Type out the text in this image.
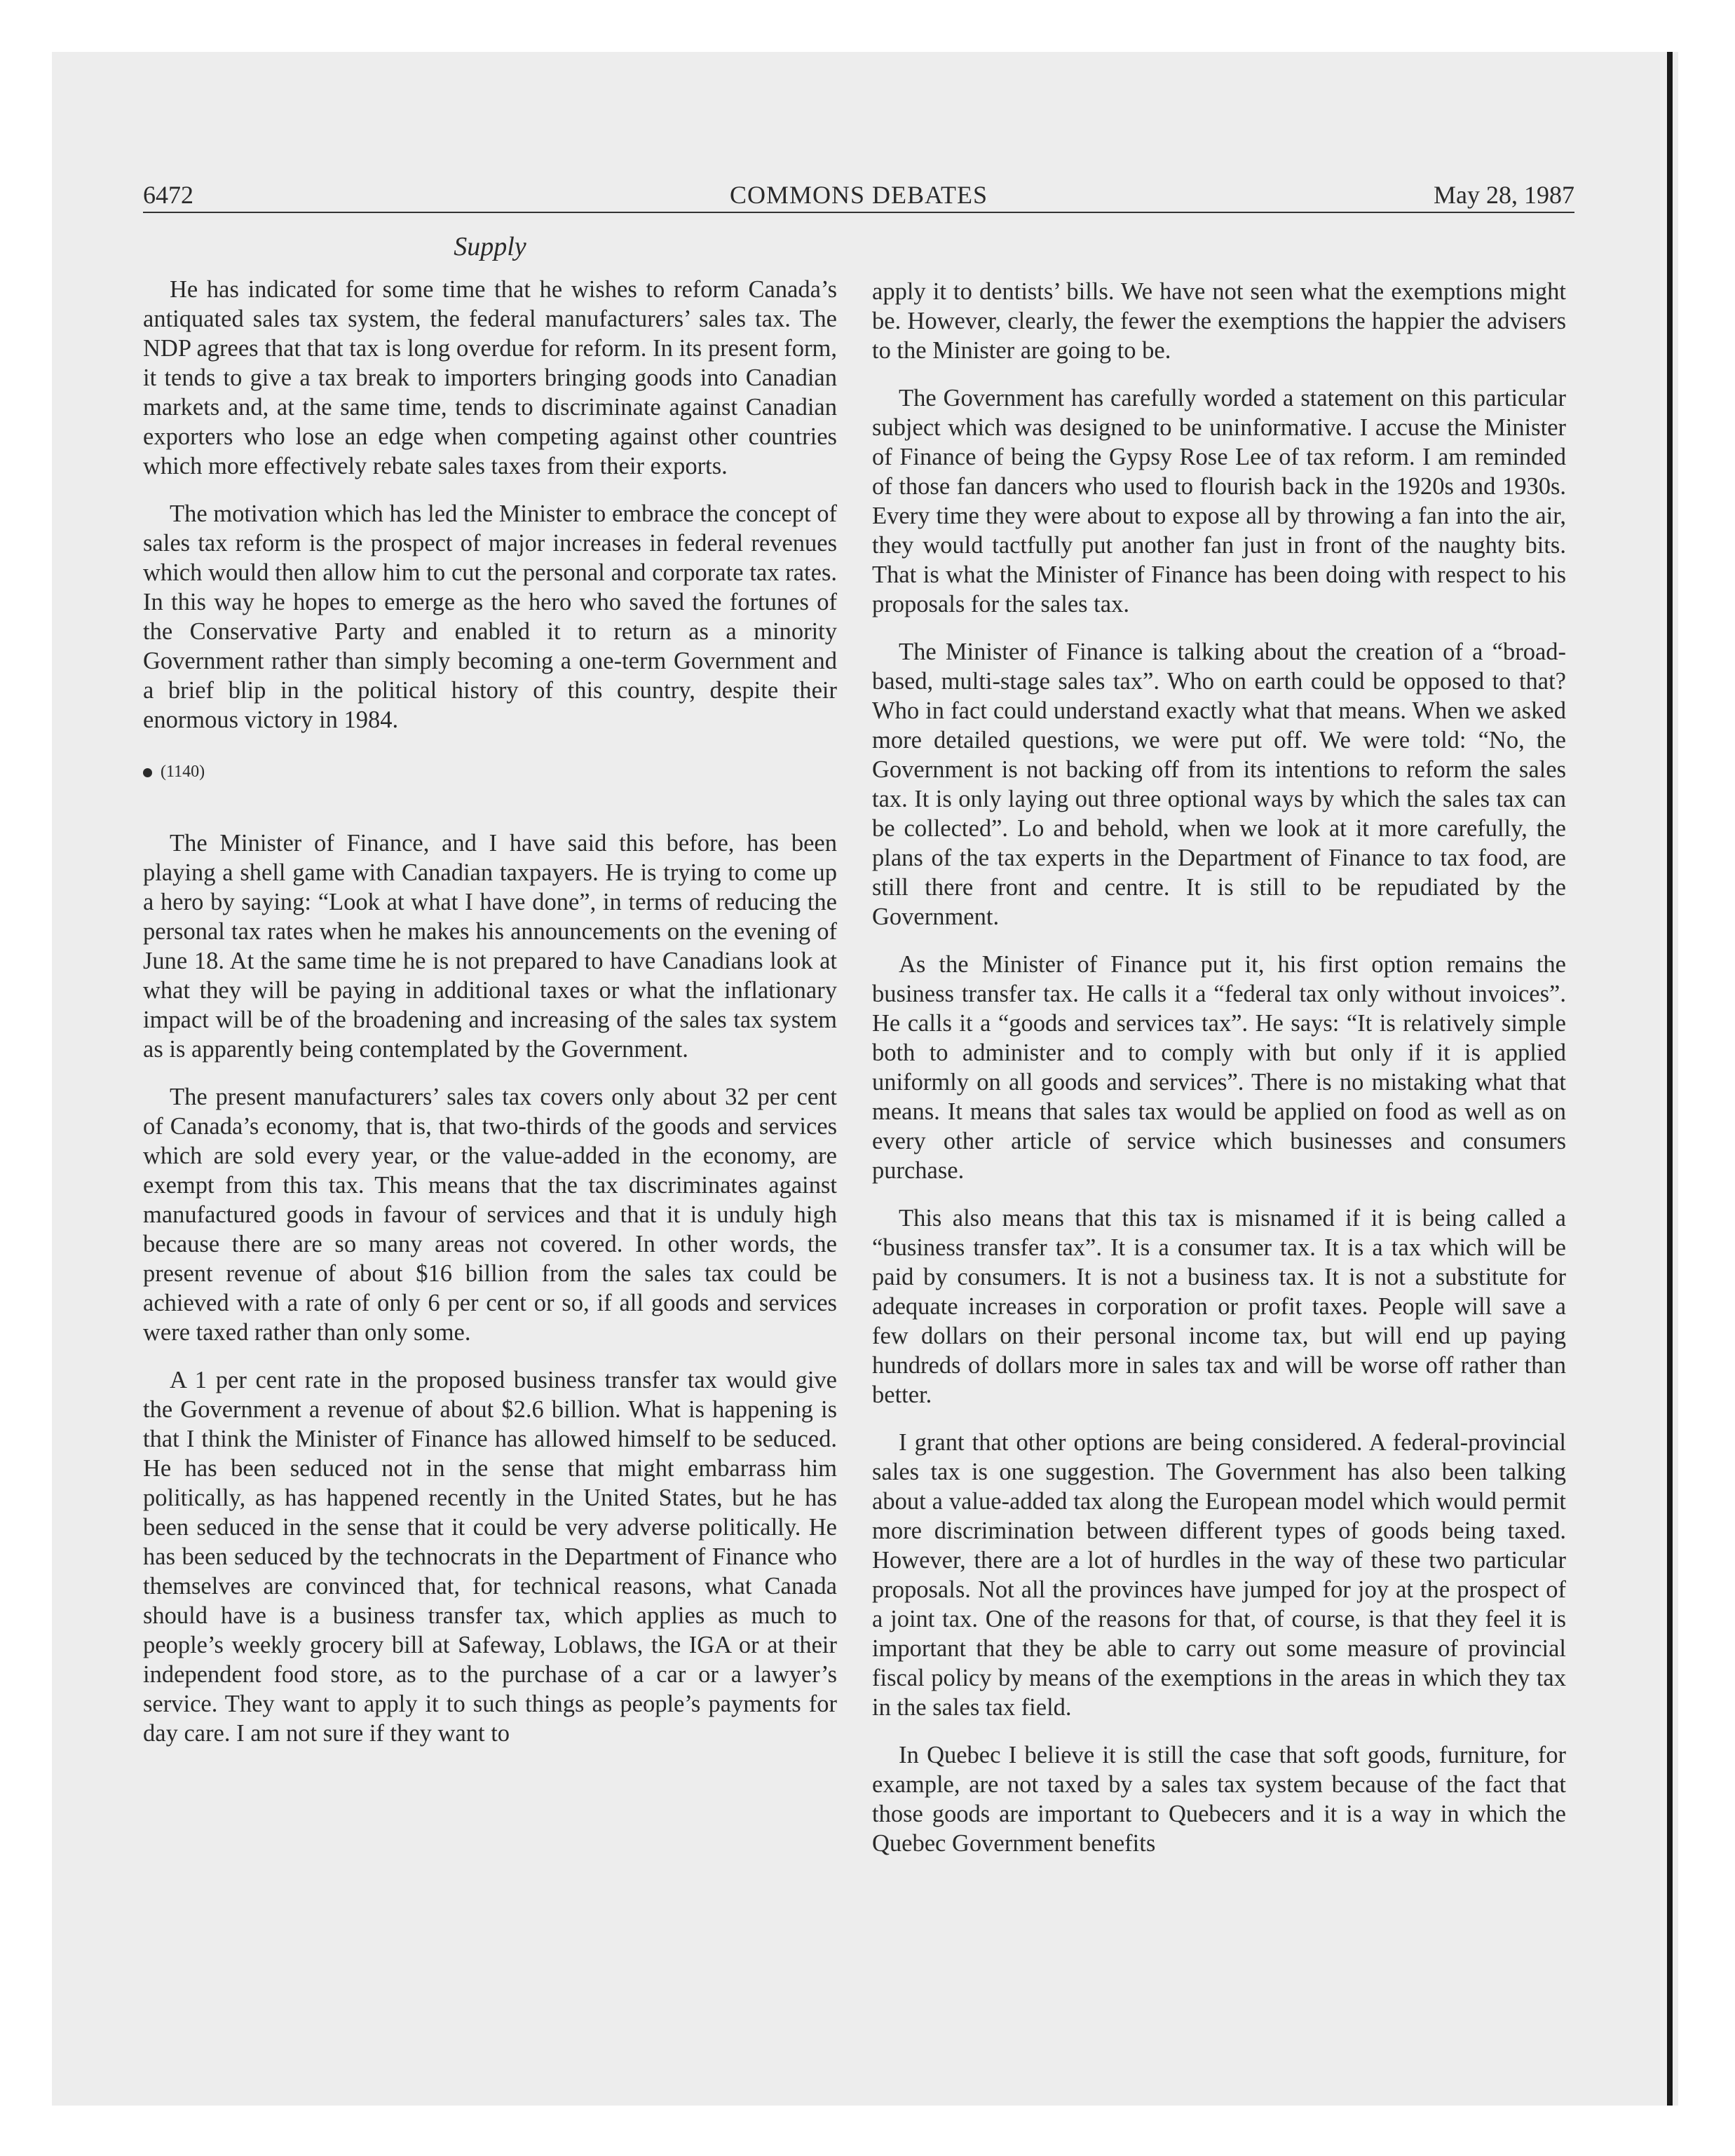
6472	COMMONS DEBATES	May 28, 1987
Supply

He has indicated for some time that he wishes to reform Canada’s antiquated sales tax system, the federal manufacturers’ sales tax. The NDP agrees that that tax is long overdue for reform. In its present form, it tends to give a tax break to importers bringing goods into Canadian markets and, at the same time, tends to discriminate against Canadian exporters who lose an edge when competing against other countries which more effectively rebate sales taxes from their exports.

The motivation which has led the Minister to embrace the concept of sales tax reform is the prospect of major increases in federal revenues which would then allow him to cut the personal and corporate tax rates. In this way he hopes to emerge as the hero who saved the fortunes of the Conservative Party and enabled it to return as a minority Government rather than simply becoming a one-term Government and a brief blip in the political history of this country, despite their enormous victory in 1984.

(1140)

The Minister of Finance, and I have said this before, has been playing a shell game with Canadian taxpayers. He is trying to come up a hero by saying: “Look at what I have done”, in terms of reducing the personal tax rates when he makes his announcements on the evening of June 18. At the same time he is not prepared to have Canadians look at what they will be paying in additional taxes or what the inflationary impact will be of the broadening and increasing of the sales tax system as is apparently being contemplated by the Government.

The present manufacturers’ sales tax covers only about 32 per cent of Canada’s economy, that is, that two-thirds of the goods and services which are sold every year, or the value-added in the economy, are exempt from this tax. This means that the tax discriminates against manufactured goods in favour of services and that it is unduly high because there are so many areas not covered. In other words, the present revenue of about $16 billion from the sales tax could be achieved with a rate of only 6 per cent or so, if all goods and services were taxed rather than only some.

A 1 per cent rate in the proposed business transfer tax would give the Government a revenue of about $2.6 billion. What is happening is that I think the Minister of Finance has allowed himself to be seduced. He has been seduced not in the sense that might embarrass him politically, as has happened recently in the United States, but he has been seduced in the sense that it could be very adverse politically. He has been seduced by the technocrats in the Department of Finance who themselves are convinced that, for technical reasons, what Canada should have is a business transfer tax, which applies as much to people’s weekly grocery bill at Safeway, Loblaws, the IGA or at their independent food store, as to the purchase of a car or a lawyer’s service. They want to apply it to such things as people’s payments for day care. I am not sure if they want to

apply it to dentists’ bills. We have not seen what the exemptions might be. However, clearly, the fewer the exemptions the happier the advisers to the Minister are going to be.

The Government has carefully worded a statement on this particular subject which was designed to be uninformative. I accuse the Minister of Finance of being the Gypsy Rose Lee of tax reform. I am reminded of those fan dancers who used to flourish back in the 1920s and 1930s. Every time they were about to expose all by throwing a fan into the air, they would tactfully put another fan just in front of the naughty bits. That is what the Minister of Finance has been doing with respect to his proposals for the sales tax.

The Minister of Finance is talking about the creation of a “broad-based, multi-stage sales tax”. Who on earth could be opposed to that? Who in fact could understand exactly what that means. When we asked more detailed questions, we were put off. We were told: “No, the Government is not backing off from its intentions to reform the sales tax. It is only laying out three optional ways by which the sales tax can be collected”. Lo and behold, when we look at it more carefully, the plans of the tax experts in the Department of Finance to tax food, are still there front and centre. It is still to be repudiated by the Government.

As the Minister of Finance put it, his first option remains the business transfer tax. He calls it a “federal tax only without invoices”. He calls it a “goods and services tax”. He says: “It is relatively simple both to administer and to comply with but only if it is applied uniformly on all goods and services”. There is no mistaking what that means. It means that sales tax would be applied on food as well as on every other article of service which businesses and consumers purchase.

This also means that this tax is misnamed if it is being called a “business transfer tax”. It is a consumer tax. It is a tax which will be paid by consumers. It is not a business tax. It is not a substitute for adequate increases in corporation or profit taxes. People will save a few dollars on their personal income tax, but will end up paying hundreds of dollars more in sales tax and will be worse off rather than better.

I grant that other options are being considered. A federal-provincial sales tax is one suggestion. The Government has also been talking about a value-added tax along the European model which would permit more discrimination between different types of goods being taxed. However, there are a lot of hurdles in the way of these two particular proposals. Not all the provinces have jumped for joy at the prospect of a joint tax. One of the reasons for that, of course, is that they feel it is important that they be able to carry out some measure of provincial fiscal policy by means of the exemptions in the areas in which they tax in the sales tax field.

In Quebec I believe it is still the case that soft goods, furniture, for example, are not taxed by a sales tax system because of the fact that those goods are important to Quebecers and it is a way in which the Quebec Government benefits
